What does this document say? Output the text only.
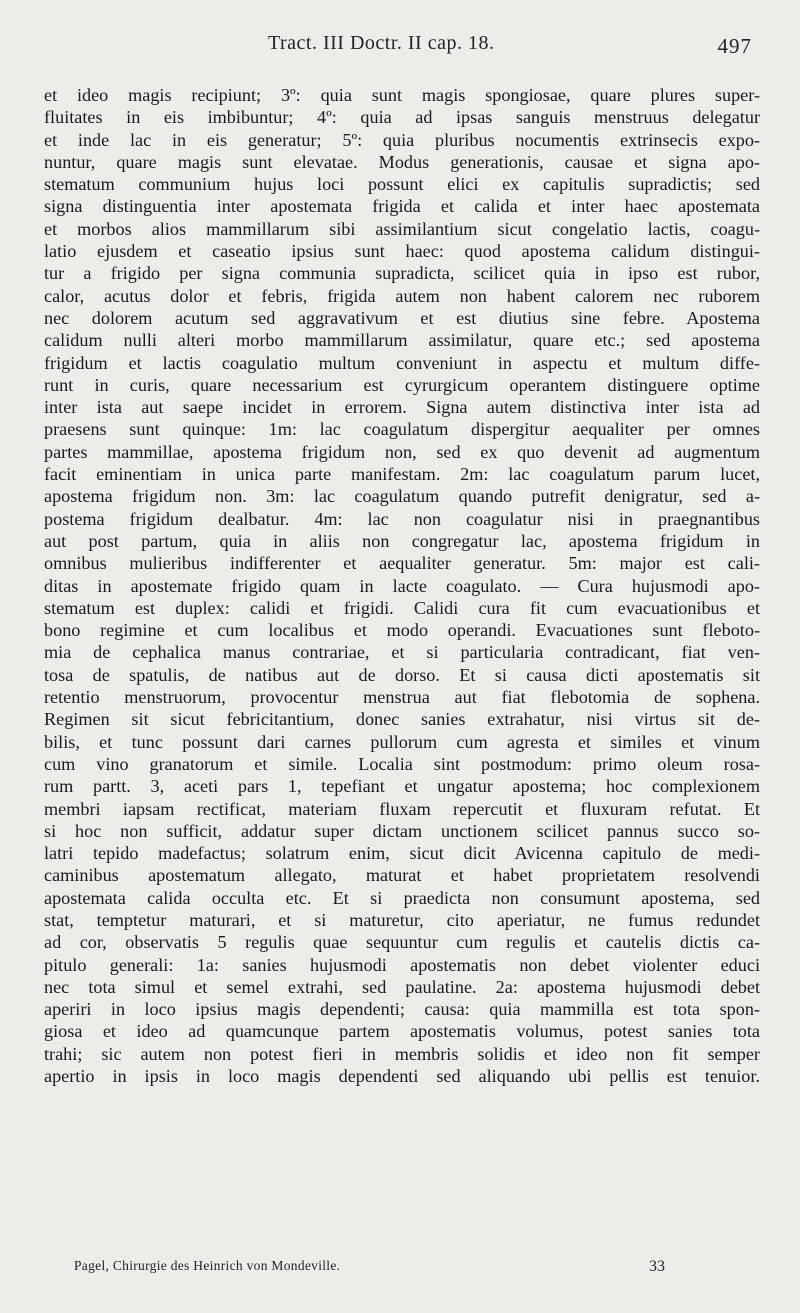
Tract. III Doctr. II cap. 18.	497
et ideo magis recipiunt; 3º: quia sunt magis spongiosae, quare plures super-
fluitates in eis imbibuntur; 4º: quia ad ipsas sanguis menstruus delegatur
et inde lac in eis generatur; 5º: quia pluribus nocumentis extrinsecis expo-
nuntur, quare magis sunt elevatae. Modus generationis, causae et signa apo-
stematum communium hujus loci possunt elici ex capitulis supradictis; sed
signa distinguentia inter apostemata frigida et calida et inter haec apostemata
et morbos alios mammillarum sibi assimilantium sicut congelatio lactis, coagu-
latio ejusdem et caseatio ipsius sunt haec: quod apostema calidum distingui-
tur a frigido per signa communia supradicta, scilicet quia in ipso est rubor,
calor, acutus dolor et febris, frigida autem non habent calorem nec ruborem
nec dolorem acutum sed aggravativum et est diutius sine febre. Apostema
calidum nulli alteri morbo mammillarum assimilatur, quare etc.; sed apostema
frigidum et lactis coagulatio multum conveniunt in aspectu et multum diffe-
runt in curis, quare necessarium est cyrurgicum operantem distinguere optime
inter ista aut saepe incidet in errorem. Signa autem distinctiva inter ista ad
praesens sunt quinque: 1m: lac coagulatum dispergitur aequaliter per omnes
partes mammillae, apostema frigidum non, sed ex quo devenit ad augmentum
facit eminentiam in unica parte manifestam. 2m: lac coagulatum parum lucet,
apostema frigidum non. 3m: lac coagulatum quando putrefit denigratur, sed a-
postema frigidum dealbatur. 4m: lac non coagulatur nisi in praegnantibus
aut post partum, quia in aliis non congregatur lac, apostema frigidum in
omnibus mulieribus indifferenter et aequaliter generatur. 5m: major est cali-
ditas in apostemate frigido quam in lacte coagulato. — Cura hujusmodi apo-
stematum est duplex: calidi et frigidi. Calidi cura fit cum evacuationibus et
bono regimine et cum localibus et modo operandi. Evacuationes sunt fleboto-
mia de cephalica manus contrariae, et si particularia contradicant, fiat ven-
tosa de spatulis, de natibus aut de dorso. Et si causa dicti apostematis sit
retentio menstruorum, provocentur menstrua aut fiat flebotomia de sophena.
Regimen sit sicut febricitantium, donec sanies extrahatur, nisi virtus sit de-
bilis, et tunc possunt dari carnes pullorum cum agresta et similes et vinum
cum vino granatorum et simile. Localia sint postmodum: primo oleum rosa-
rum partt. 3, aceti pars 1, tepefiant et ungatur apostema; hoc complexionem
membri iapsam rectificat, materiam fluxam repercutit et fluxuram refutat. Et
si hoc non sufficit, addatur super dictam unctionem scilicet pannus succo so-
latri tepido madefactus; solatrum enim, sicut dicit Avicenna capitulo de medi-
caminibus apostematum allegato, maturat et habet proprietatem resolvendi
apostemata calida occulta etc. Et si praedicta non consumunt apostema, sed
stat, temptetur maturari, et si maturetur, cito aperiatur, ne fumus redundet
ad cor, observatis 5 regulis quae sequuntur cum regulis et cautelis dictis ca-
pitulo generali: 1a: sanies hujusmodi apostematis non debet violenter educi
nec tota simul et semel extrahi, sed paulatine. 2a: apostema hujusmodi debet
aperiri in loco ipsius magis dependenti; causa: quia mammilla est tota spon-
giosa et ideo ad quamcunque partem apostematis volumus, potest sanies tota
trahi; sic autem non potest fieri in membris solidis et ideo non fit semper
apertio in ipsis in loco magis dependenti sed aliquando ubi pellis est tenuior.
Pagel, Chirurgie des Heinrich von Mondeville.	33
